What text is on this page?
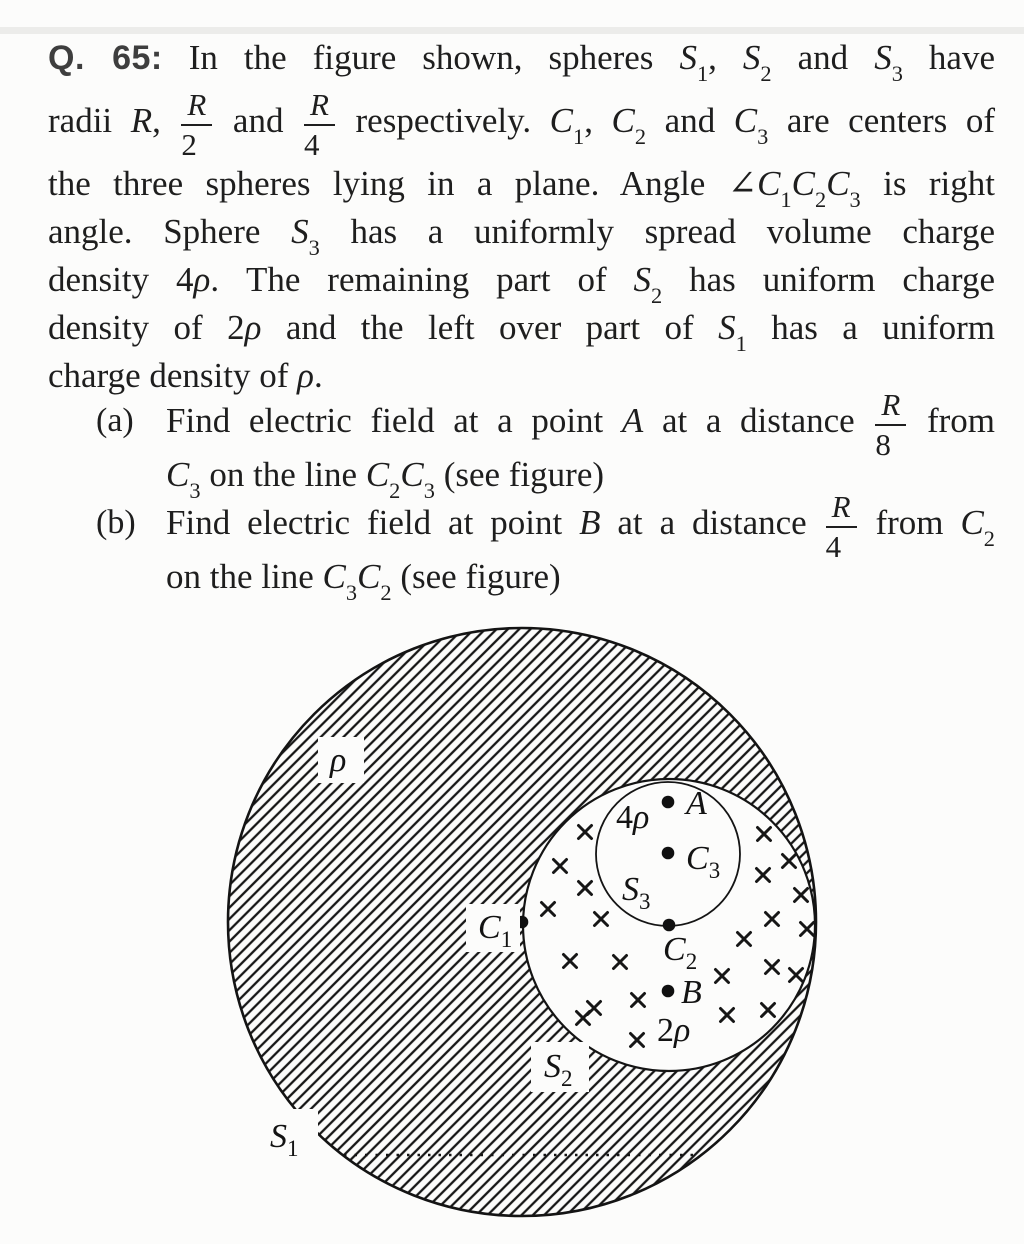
Q. 65: In the figure shown, spheres $S_1$, $S_2$ and $S_3$ have
radii R, $\frac{R}{2}$ and $\frac{R}{4}$ respectively. $C_1$, $C_2$ and $C_3$ are centers of
the three spheres lying in a plane. Angle $\angle C_1C_2C_3$ is right
angle. Sphere $S_3$ has a uniformly spread volume charge
density 4ρ. The remaining part of $S_2$ has uniform charge
density of 2ρ and the left over part of $S_1$ has a uniform
charge density of ρ.
(a) Find electric field at a point A at a distance $\frac{R}{8}$ from
$C_3$ on the line $C_2C_3$ (see figure)
(b) Find electric field at point B at a distance $\frac{R}{4}$ from $C_2$
on the line $C_3C_2$ (see figure)
ρ
$S_1$
$C_1$
$S_2$
$S_3$
$C_3$
$C_2$
A
B
4ρ
2ρ
